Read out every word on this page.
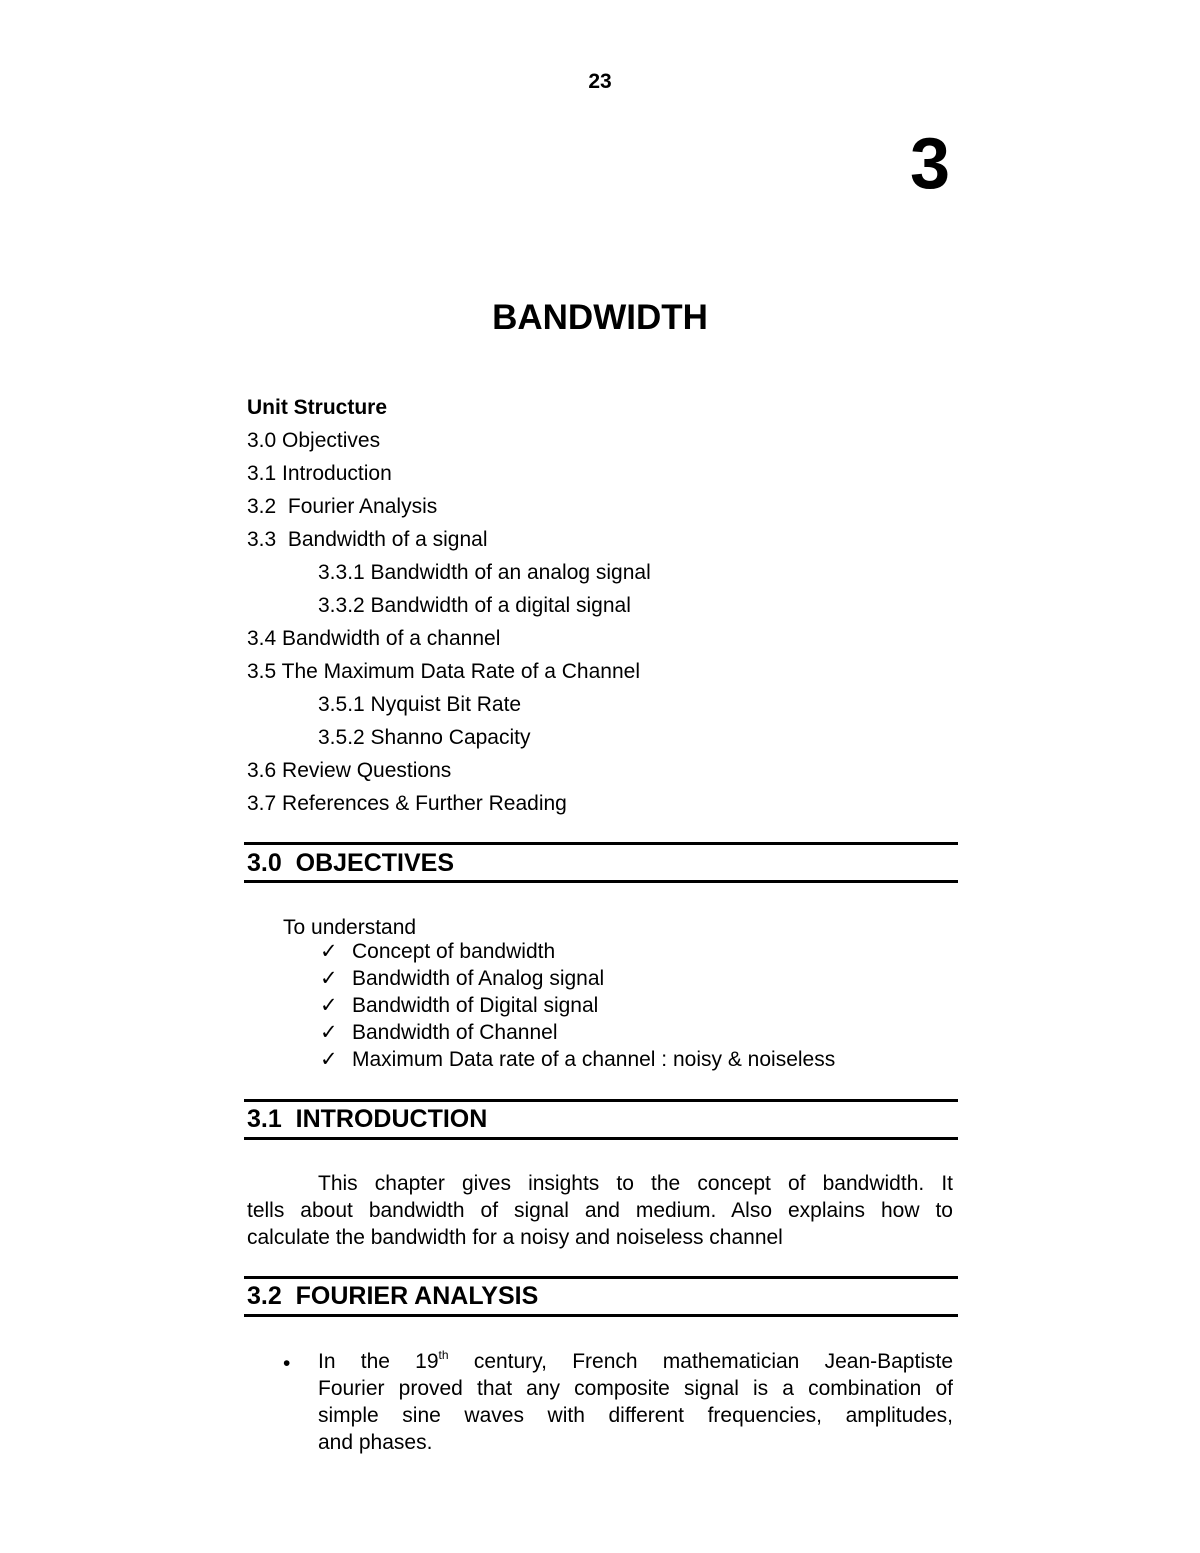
23
3
BANDWIDTH
Unit Structure
3.0 Objectives
3.1 Introduction
3.2  Fourier Analysis
3.3  Bandwidth of a signal
3.3.1 Bandwidth of an analog signal
3.3.2 Bandwidth of a digital signal
3.4 Bandwidth of a channel
3.5 The Maximum Data Rate of a Channel
3.5.1 Nyquist Bit Rate
3.5.2 Shanno Capacity
3.6 Review Questions
3.7 References & Further Reading
3.0  OBJECTIVES
To understand
✓ Concept of bandwidth
✓ Bandwidth of Analog signal
✓ Bandwidth of Digital signal
✓ Bandwidth of Channel
✓ Maximum Data rate of a channel : noisy & noiseless
3.1  INTRODUCTION
This chapter gives insights to the concept of bandwidth. It
tells about bandwidth of signal and medium. Also explains how to
calculate the bandwidth for a noisy and noiseless channel
3.2  FOURIER ANALYSIS
• In the 19th century, French mathematician Jean-Baptiste
Fourier proved that any composite signal is a combination of
simple sine waves with different frequencies, amplitudes,
and phases.
